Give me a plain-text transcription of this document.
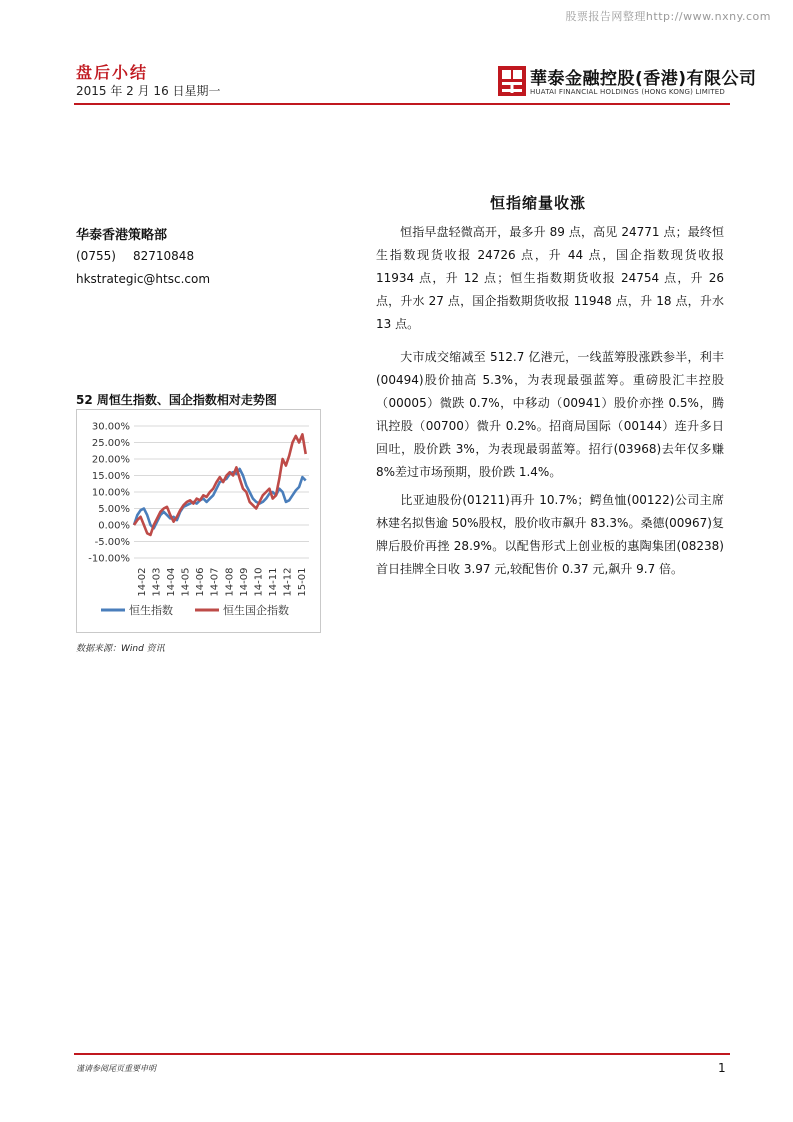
股票报告网整理http://www.nxny.com
盘后小结
2015 年 2 月 16 日星期一
華泰金融控股(香港)有限公司
HUATAI FINANCIAL HOLDINGS (HONG KONG) LIMITED
华泰香港策略部
(0755) 82710848
hkstrategic@htsc.com
52 周恒生指数、国企指数相对走势图
30.00%
25.00%
20.00%
15.00%
10.00%
5.00%
0.00%
-5.00%
-10.00%
14-02 14-03 14-04 14-05 14-06 14-07 14-08 14-09 14-10 14-11 14-12 15-01
恒生指数	恒生国企指数
数据来源：Wind 资讯
恒指缩量收涨
恒指早盘轻微高开，最多升 89 点，高见 24771 点；最终恒生指数现货收报 24726 点，升 44 点，国企指数现货收报 11934 点，升 12 点；恒生指数期货收报 24754 点，升 26 点，升水 27 点，国企指数期货收报 11948 点，升 18 点，升水 13 点。
大市成交缩减至 512.7 亿港元，一线蓝筹股涨跌参半，利丰(00494)股价抽高 5.3%，为表现最强蓝筹。重磅股汇丰控股（00005）微跌 0.7%，中移动（00941）股价亦挫 0.5%，腾讯控股（00700）微升 0.2%。招商局国际（00144）连升多日回吐，股价跌 3%，为表现最弱蓝筹。招行(03968)去年仅多赚 8%差过市场预期，股价跌 1.4%。
比亚迪股份(01211)再升 10.7%；鳄鱼恤(00122)公司主席林建名拟售逾 50%股权，股价收市飙升 83.3%。桑德(00967)复牌后股价再挫 28.9%。以配售形式上创业板的惠陶集团(08238)首日挂牌全日收 3.97 元,较配售价 0.37 元,飙升 9.7 倍。
谨请参阅尾页重要申明	1
